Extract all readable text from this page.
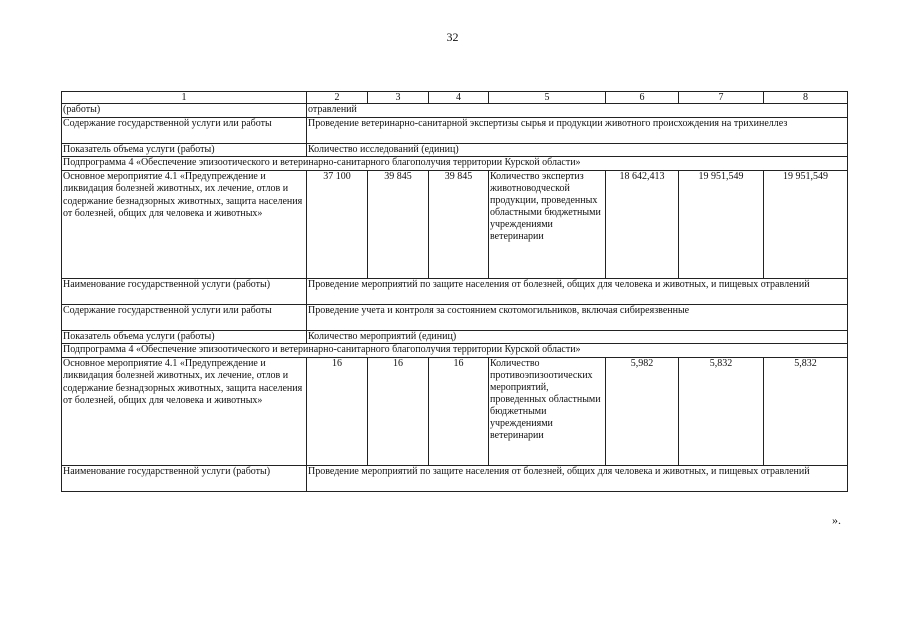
32
1	2	3	4	5	6	7	8
(работы)	отравлений						
Содержание государственной услуги или работы	Проведение ветеринарно-санитарной экспертизы сырья и продукции животного происхождения на трихинеллез						
Показатель объема услуги (работы)	Количество исследований (единиц)						
Подпрограмма 4 «Обеспечение эпизоотического и ветеринарно-санитарного благополучия территории Курской области»							
Основное мероприятие 4.1 «Предупреждение и ликвидация болезней животных, их лечение, отлов и содержание безнадзорных животных, защита населения от болезней, общих для человека и животных»	37 100	39 845	39 845	Количество экспертиз животноводческой продукции, проведенных областными бюджетными учреждениями ветеринарии	18 642,413	19 951,549	19 951,549
Наименование государственной услуги (работы)	Проведение мероприятий по защите населения от болезней, общих для человека и животных, и пищевых отравлений						
Содержание государственной услуги или работы	Проведение учета и контроля за состоянием скотомогильников, включая сибиреязвенные						
Показатель объема услуги (работы)	Количество мероприятий (единиц)						
Подпрограмма 4 «Обеспечение эпизоотического и ветеринарно-санитарного благополучия территории Курской области»							
Основное мероприятие 4.1 «Предупреждение и ликвидация болезней животных, их лечение, отлов и содержание безнадзорных животных, защита населения от болезней, общих для человека и животных»	16	16	16	Количество противоэпизоотических мероприятий, проведенных областными бюджетными учреждениями ветеринарии	5,982	5,832	5,832
Наименование государственной услуги (работы)	Проведение мероприятий по защите населения от болезней, общих для человека и животных, и пищевых отравлений						
».
